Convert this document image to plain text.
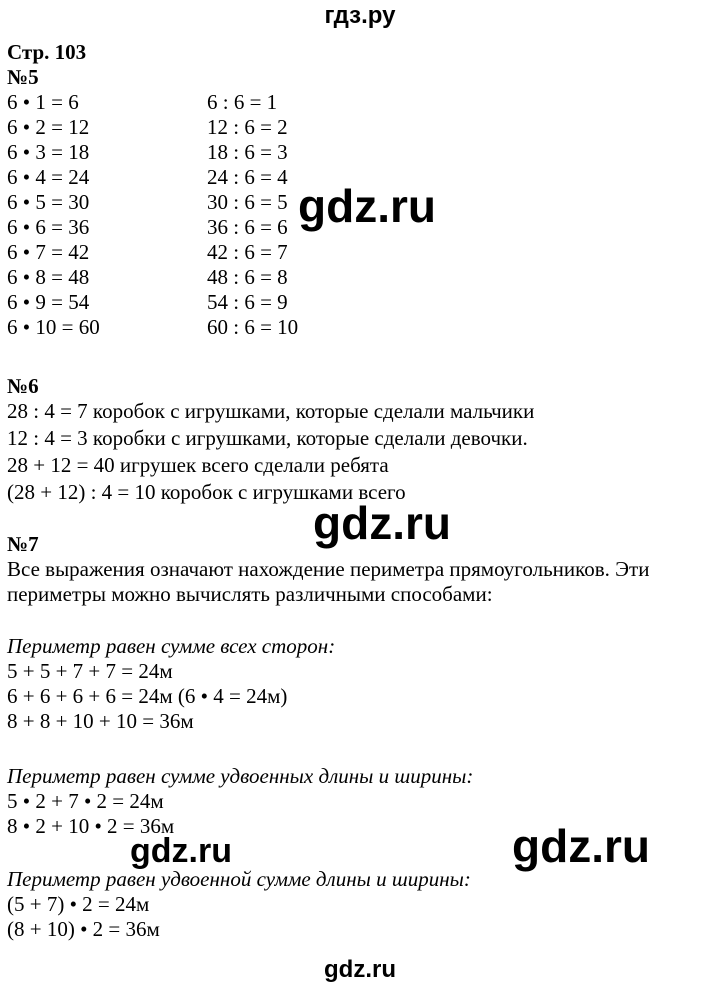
гдз.ру
Стр. 103
№5
6 • 1 = 6
6 • 2 = 12
6 • 3 = 18
6 • 4 = 24
6 • 5 = 30
6 • 6 = 36
6 • 7 = 42
6 • 8 = 48
6 • 9 = 54
6 • 10 = 60
6 : 6 = 1
12 : 6 = 2
18 : 6 = 3
24 : 6 = 4
30 : 6 = 5
36 : 6 = 6
42 : 6 = 7
48 : 6 = 8
54 : 6 = 9
60 : 6 = 10
№6
28 : 4 = 7 коробок с игрушками, которые сделали мальчики
12 : 4 = 3 коробки с игрушками, которые сделали девочки.
28 + 12 = 40 игрушек всего сделали ребята
(28 + 12) : 4 = 10 коробок с игрушками всего
№7
Все выражения означают нахождение периметра прямоугольников. Эти
периметры можно вычислять различными способами:
Периметр равен сумме всех сторон:
5 + 5 + 7 + 7 = 24м
6 + 6 + 6 + 6 = 24м (6 • 4 = 24м)
8 + 8 + 10 + 10 = 36м
Периметр равен сумме удвоенных длины и ширины:
5 • 2 + 7 • 2 = 24м
8 • 2 + 10 • 2 = 36м
Периметр равен удвоенной сумме длины и ширины:
(5 + 7) • 2 = 24м
(8 + 10) • 2 = 36м
gdz.ru
gdz.ru
gdz.ru
gdz.ru
gdz.ru
